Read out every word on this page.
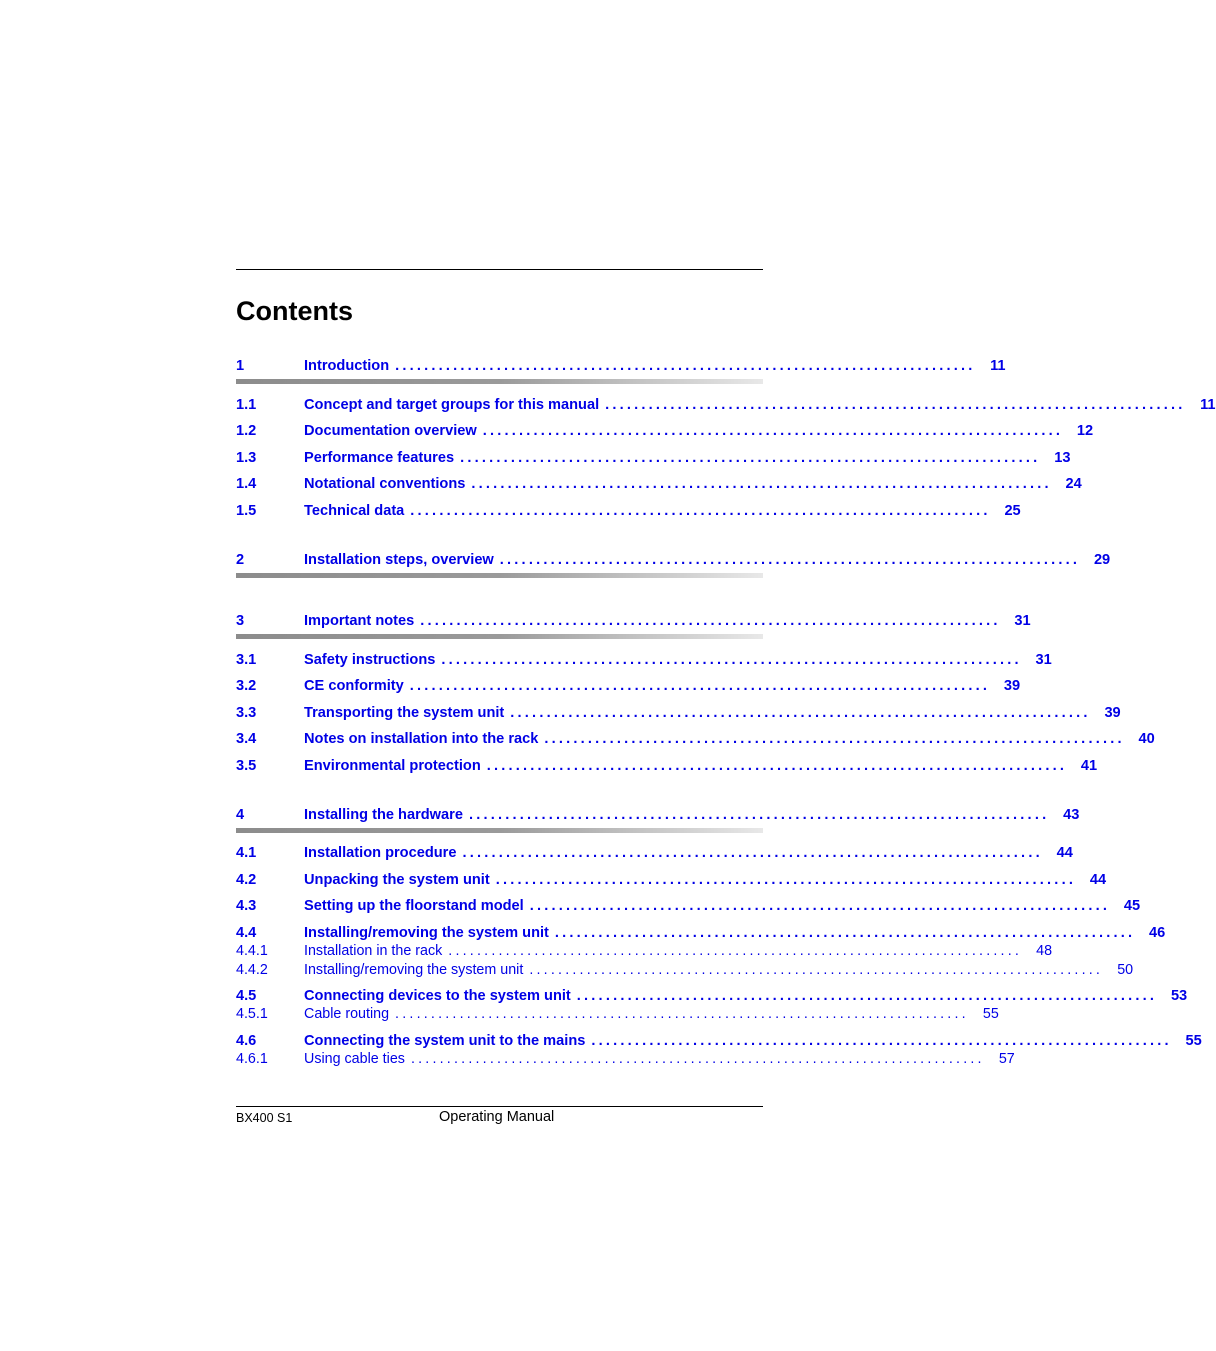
Contents
1	Introduction ................................................................................ 11
1.1	Concept and target groups for this manual ................................................................................ 11
1.2	Documentation overview ................................................................................ 12
1.3	Performance features ................................................................................ 13
1.4	Notational conventions ................................................................................ 24
1.5	Technical data ................................................................................ 25
2	Installation steps, overview ................................................................................ 29
3	Important notes ................................................................................ 31
3.1	Safety instructions ................................................................................ 31
3.2	CE conformity ................................................................................ 39
3.3	Transporting the system unit ................................................................................ 39
3.4	Notes on installation into the rack ................................................................................ 40
3.5	Environmental protection ................................................................................ 41
4	Installing the hardware ................................................................................ 43
4.1	Installation procedure ................................................................................ 44
4.2	Unpacking the system unit ................................................................................ 44
4.3	Setting up the floorstand model ................................................................................ 45
4.4	Installing/removing the system unit ................................................................................ 46
4.4.1	Installation in the rack ................................................................................ 48
4.4.2	Installing/removing the system unit ................................................................................ 50
4.5	Connecting devices to the system unit ................................................................................ 53
4.5.1	Cable routing ................................................................................ 55
4.6	Connecting the system unit to the mains ................................................................................ 55
4.6.1	Using cable ties ................................................................................ 57
BX400 S1	Operating Manual
